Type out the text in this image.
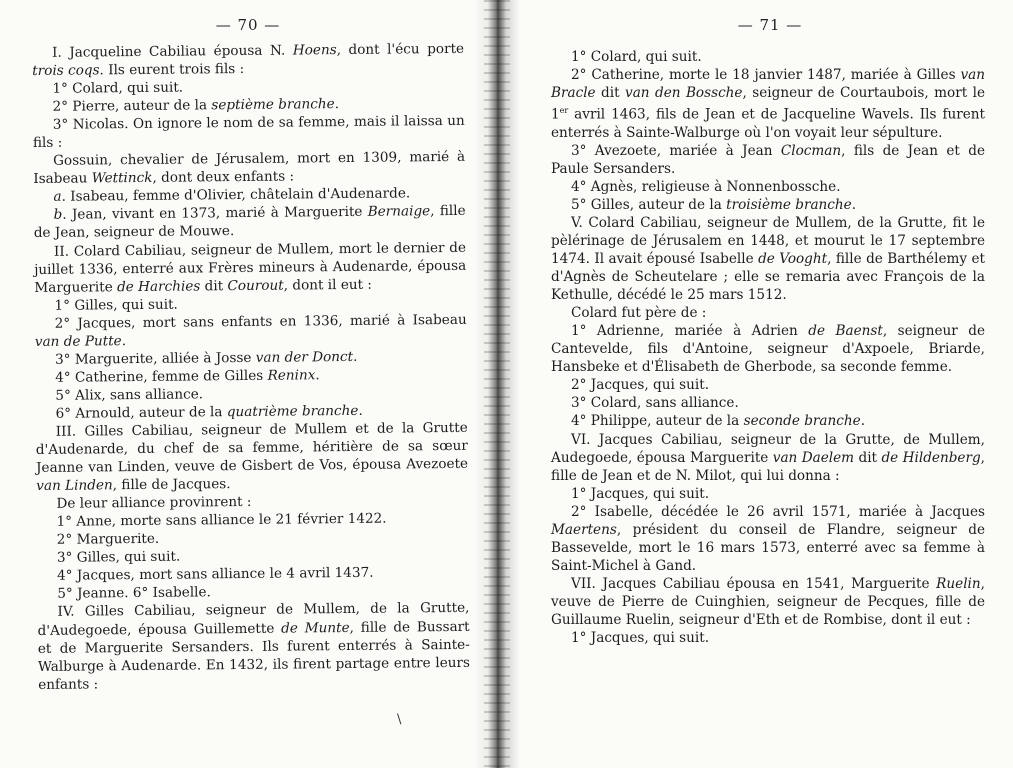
— 70 —

I. Jacqueline Cabiliau épousa N. Hoens, dont l'écu porte trois coqs. Ils eurent trois fils :

1° Colard, qui suit.

2° Pierre, auteur de la septième branche.

3° Nicolas. On ignore le nom de sa femme, mais il laissa un fils :

Gossuin, chevalier de Jérusalem, mort en 1309, marié à Isabeau Wettinck, dont deux enfants :

a. Isabeau, femme d'Olivier, châtelain d'Audenarde.

b. Jean, vivant en 1373, marié à Marguerite Bernaige, fille de Jean, seigneur de Mouwe.

II. Colard Cabiliau, seigneur de Mullem, mort le dernier de juillet 1336, enterré aux Frères mineurs à Audenarde, épousa Marguerite de Harchies dit Courout, dont il eut :

1° Gilles, qui suit.

2° Jacques, mort sans enfants en 1336, marié à Isabeau van de Putte.

3° Marguerite, alliée à Josse van der Donct.

4° Catherine, femme de Gilles Reninx.

5° Alix, sans alliance.

6° Arnould, auteur de la quatrième branche.

III. Gilles Cabiliau, seigneur de Mullem et de la Grutte d'Audenarde, du chef de sa femme, héritière de sa sœur Jeanne van Linden, veuve de Gisbert de Vos, épousa Avezoete van Linden, fille de Jacques.

De leur alliance provinrent :

1° Anne, morte sans alliance le 21 février 1422.

2° Marguerite.

3° Gilles, qui suit.

4° Jacques, mort sans alliance le 4 avril 1437.

5° Jeanne. 6° Isabelle.

IV. Gilles Cabiliau, seigneur de Mullem, de la Grutte, d'Audegoede, épousa Guillemette de Munte, fille de Bussart et de Marguerite Sersanders. Ils furent enterrés à Sainte-Walburge à Audenarde. En 1432, ils firent partage entre leurs enfants :

\
— 71 —

1° Colard, qui suit.

2° Catherine, morte le 18 janvier 1487, mariée à Gilles van Bracle dit van den Bossche, seigneur de Courtaubois, mort le 1er avril 1463, fils de Jean et de Jacqueline Wavels. Ils furent enterrés à Sainte-Walburge où l'on voyait leur sépulture.

3° Avezoete, mariée à Jean Clocman, fils de Jean et de Paule Sersanders.

4° Agnès, religieuse à Nonnenbossche.

5° Gilles, auteur de la troisième branche.

V. Colard Cabiliau, seigneur de Mullem, de la Grutte, fit le pèlérinage de Jérusalem en 1448, et mourut le 17 septembre 1474. Il avait épousé Isabelle de Vooght, fille de Barthélemy et d'Agnès de Scheutelare ; elle se remaria avec François de la Kethulle, décédé le 25 mars 1512.

Colard fut père de :

1° Adrienne, mariée à Adrien de Baenst, seigneur de Cantevelde, fils d'Antoine, seigneur d'Axpoele, Briarde, Hansbeke et d'Élisabeth de Gherbode, sa seconde femme.

2° Jacques, qui suit.

3° Colard, sans alliance.

4° Philippe, auteur de la seconde branche.

VI. Jacques Cabiliau, seigneur de la Grutte, de Mullem, Audegoede, épousa Marguerite van Daelem dit de Hildenberg, fille de Jean et de N. Milot, qui lui donna :

1° Jacques, qui suit.

2° Isabelle, décédée le 26 avril 1571, mariée à Jacques Maertens, président du conseil de Flandre, seigneur de Bassevelde, mort le 16 mars 1573, enterré avec sa femme à Saint-Michel à Gand.

VII. Jacques Cabiliau épousa en 1541, Marguerite Ruelin, veuve de Pierre de Cuinghien, seigneur de Pecques, fille de Guillaume Ruelin, seigneur d'Eth et de Rombise, dont il eut :

1° Jacques, qui suit.
